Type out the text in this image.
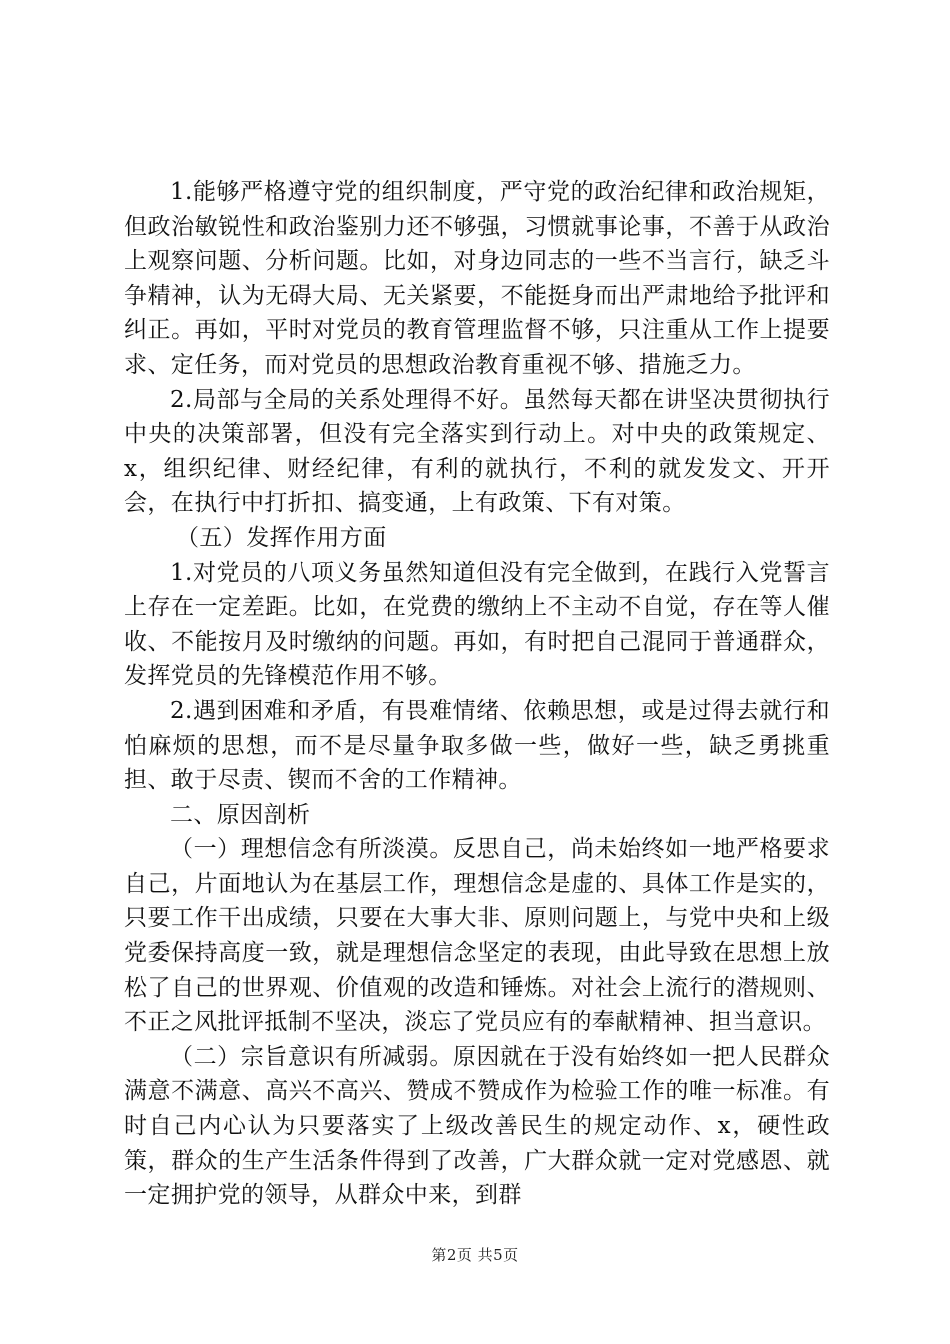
1.能够严格遵守党的组织制度，严守党的政治纪律和政治规矩，但政治敏锐性和政治鉴别力还不够强，习惯就事论事，不善于从政治上观察问题、分析问题。比如，对身边同志的一些不当言行，缺乏斗争精神，认为无碍大局、无关紧要，不能挺身而出严肃地给予批评和纠正。再如，平时对党员的教育管理监督不够，只注重从工作上提要求、定任务，而对党员的思想政治教育重视不够、措施乏力。

2.局部与全局的关系处理得不好。虽然每天都在讲坚决贯彻执行中央的决策部署，但没有完全落实到行动上。对中央的政策规定、x，组织纪律、财经纪律，有利的就执行，不利的就发发文、开开会，在执行中打折扣、搞变通，上有政策、下有对策。

（五）发挥作用方面

1.对党员的八项义务虽然知道但没有完全做到，在践行入党誓言上存在一定差距。比如，在党费的缴纳上不主动不自觉，存在等人催收、不能按月及时缴纳的问题。再如，有时把自己混同于普通群众，发挥党员的先锋模范作用不够。

2.遇到困难和矛盾，有畏难情绪、依赖思想，或是过得去就行和怕麻烦的思想，而不是尽量争取多做一些，做好一些，缺乏勇挑重担、敢于尽责、锲而不舍的工作精神。

二、原因剖析

（一）理想信念有所淡漠。反思自己，尚未始终如一地严格要求自己，片面地认为在基层工作，理想信念是虚的、具体工作是实的，只要工作干出成绩，只要在大事大非、原则问题上，与党中央和上级党委保持高度一致，就是理想信念坚定的表现，由此导致在思想上放松了自己的世界观、价值观的改造和锤炼。对社会上流行的潜规则、不正之风批评抵制不坚决，淡忘了党员应有的奉献精神、担当意识。

（二）宗旨意识有所减弱。原因就在于没有始终如一把人民群众满意不满意、高兴不高兴、赞成不赞成作为检验工作的唯一标准。有时自己内心认为只要落实了上级改善民生的规定动作、x，硬性政策，群众的生产生活条件得到了改善，广大群众就一定对党感恩、就一定拥护党的领导，从群众中来，到群

第2页 共5页
